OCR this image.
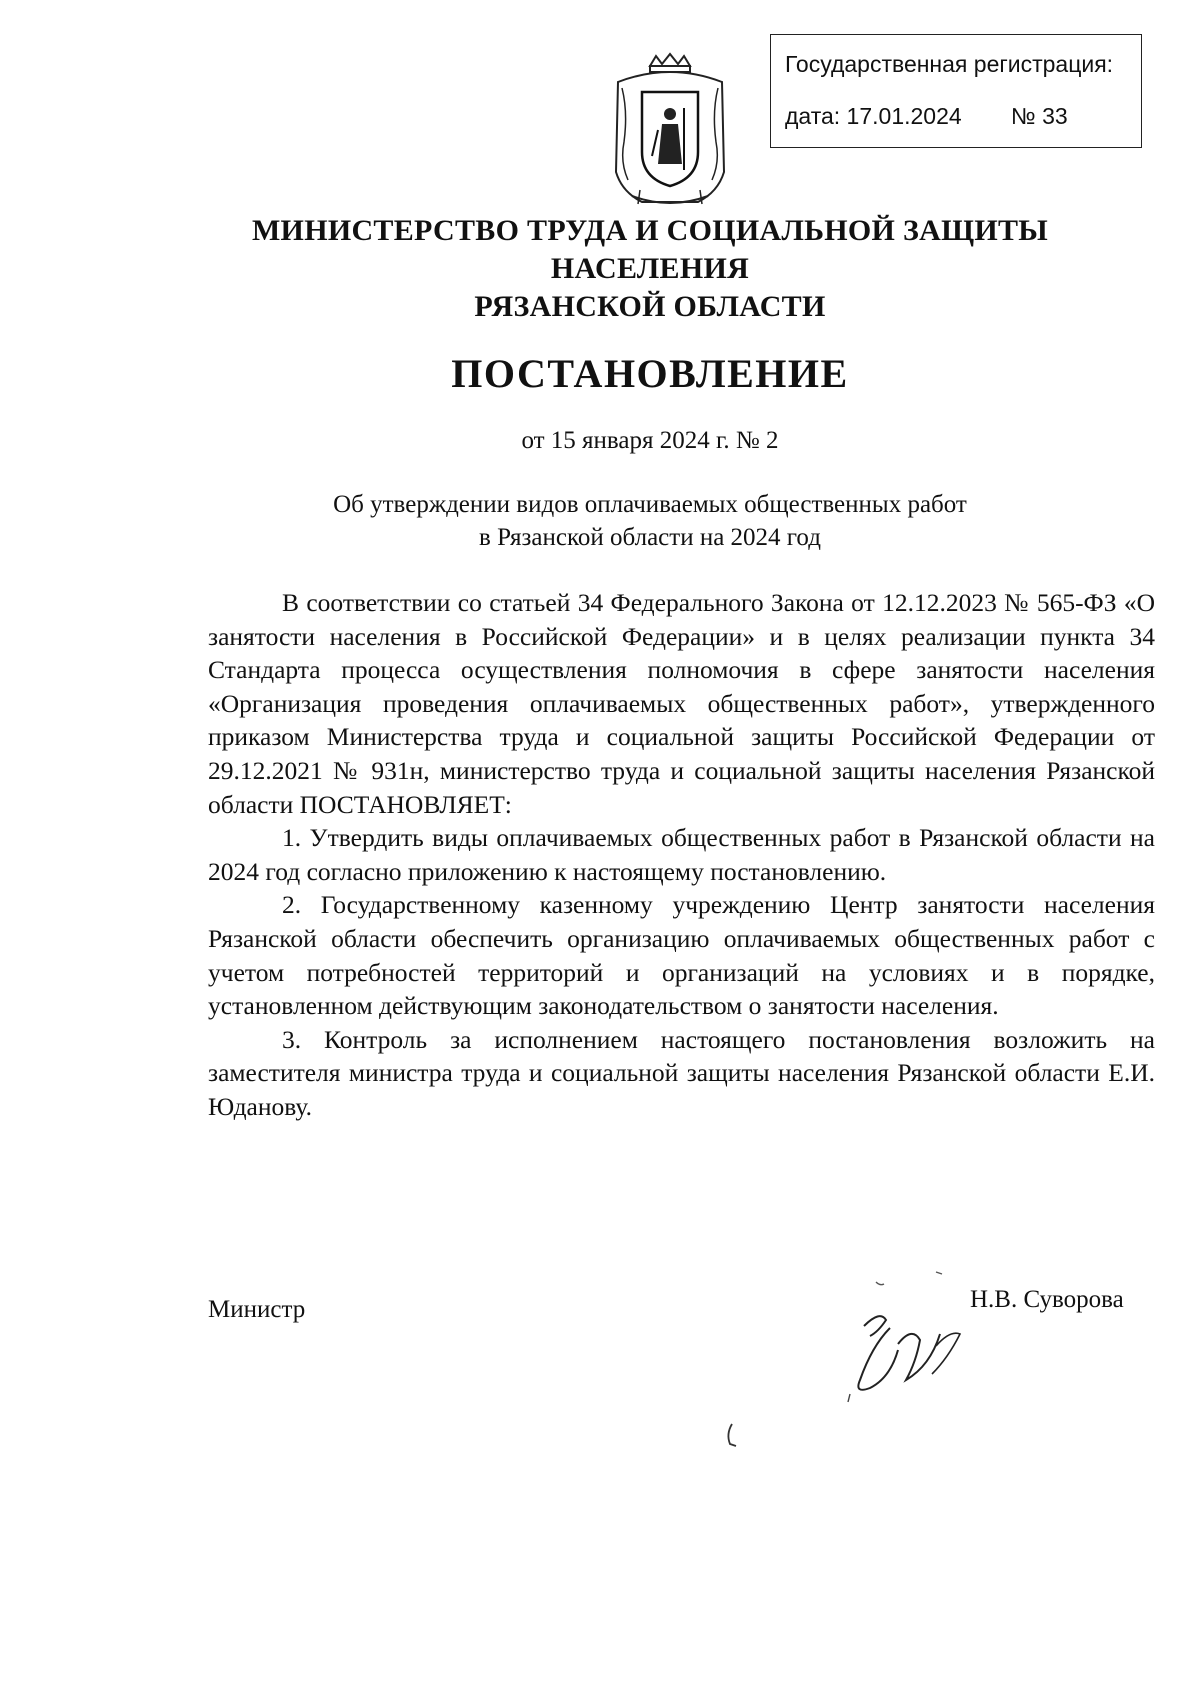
Государственная регистрация:
дата: 17.01.2024 № 33
МИНИСТЕРСТВО ТРУДА И СОЦИАЛЬНОЙ ЗАЩИТЫ НАСЕЛЕНИЯ
РЯЗАНСКОЙ ОБЛАСТИ
ПОСТАНОВЛЕНИЕ
от 15 января 2024 г. № 2
Об утверждении видов оплачиваемых общественных работ
в Рязанской области на 2024 год

В соответствии со статьей 34 Федерального Закона от 12.12.2023 № 565-ФЗ «О занятости населения в Российской Федерации» и в целях реализации пункта 34 Стандарта процесса осуществления полномочия в сфере занятости населения «Организация проведения оплачиваемых общественных работ», утвержденного приказом Министерства труда и социальной защиты Российской Федерации от 29.12.2021 № 931н, министерство труда и социальной защиты населения Рязанской области ПОСТАНОВЛЯЕТ:

1. Утвердить виды оплачиваемых общественных работ в Рязанской области на 2024 год согласно приложению к настоящему постановлению.

2. Государственному казенному учреждению Центр занятости населения Рязанской области обеспечить организацию оплачиваемых общественных работ с учетом потребностей территорий и организаций на условиях и в порядке, установленном действующим законодательством о занятости населения.

3. Контроль за исполнением настоящего постановления возложить на заместителя министра труда и социальной защиты населения Рязанской области Е.И. Юданову.

Министр	Н.В. Суворова
